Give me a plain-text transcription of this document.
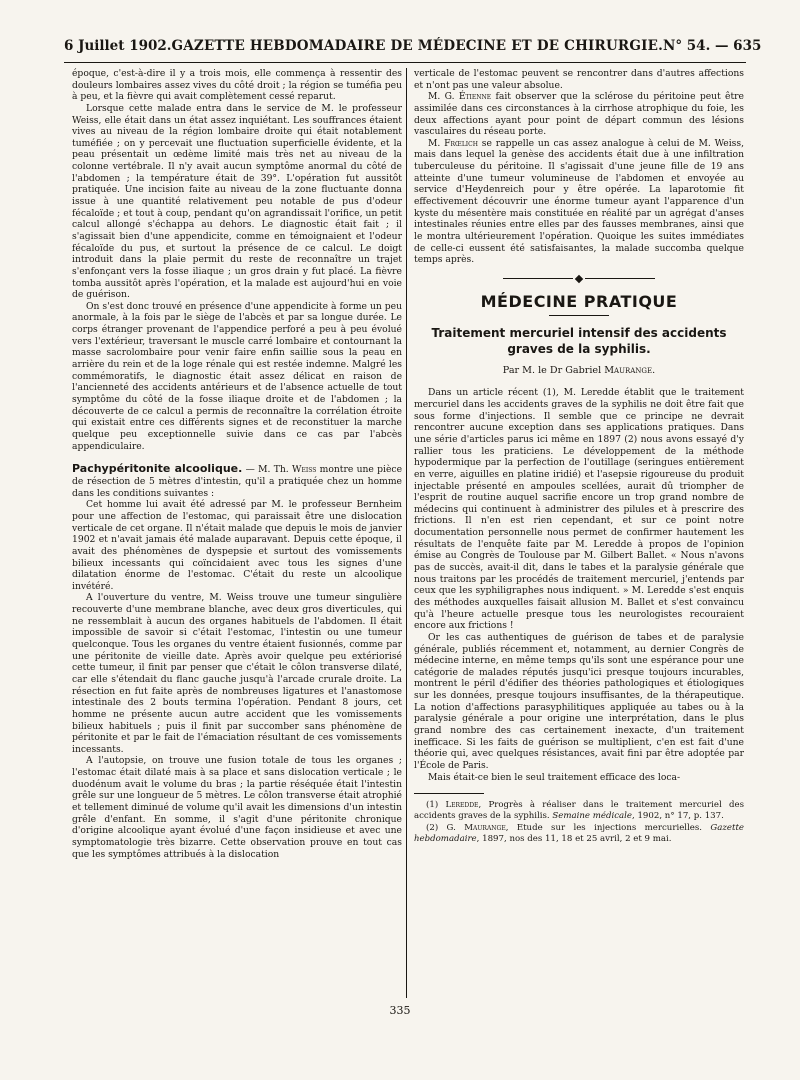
6 Juillet 1902. GAZETTE HEBDOMADAIRE DE MÉDECINE ET DE CHIRURGIE. N° 54. — 635

époque, c'est-à-dire il y a trois mois, elle commença à ressentir des douleurs lombaires assez vives du côté droit ; la région se tuméfia peu à peu, et la fièvre qui avait complètement cessé reparut.

Lorsque cette malade entra dans le service de M. le professeur Weiss, elle était dans un état assez inquiétant. Les souffrances étaient vives au niveau de la région lombaire droite qui était notablement tuméfiée ; on y percevait une fluctuation superficielle évidente, et la peau présentait un œdème limité mais très net au niveau de la colonne vertébrale. Il n'y avait aucun symptôme anormal du côté de l'abdomen ; la température était de 39°. L'opération fut aussitôt pratiquée. Une incision faite au niveau de la zone fluctuante donna issue à une quantité relativement peu notable de pus d'odeur fécaloïde ; et tout à coup, pendant qu'on agrandissait l'orifice, un petit calcul allongé s'échappa au dehors. Le diagnostic était fait ; il s'agissait bien d'une appendicite, comme en témoignaient et l'odeur fécaloïde du pus, et surtout la présence de ce calcul. Le doigt introduit dans la plaie permit du reste de reconnaître un trajet s'enfonçant vers la fosse iliaque ; un gros drain y fut placé. La fièvre tomba aussitôt après l'opération, et la malade est aujourd'hui en voie de guérison.

On s'est donc trouvé en présence d'une appendicite à forme un peu anormale, à la fois par le siège de l'abcès et par sa longue durée. Le corps étranger provenant de l'appendice perforé a peu à peu évolué vers l'extérieur, traversant le muscle carré lombaire et contournant la masse sacrolombaire pour venir faire enfin saillie sous la peau en arrière du rein et de la loge rénale qui est restée indemne. Malgré les commémoratifs, le diagnostic était assez délicat en raison de l'ancienneté des accidents antérieurs et de l'absence actuelle de tout symptôme du côté de la fosse iliaque droite et de l'abdomen ; la découverte de ce calcul a permis de reconnaître la corrélation étroite qui existait entre ces différents signes et de reconstituer la marche quelque peu exceptionnelle suivie dans ce cas par l'abcès appendiculaire.

Pachypéritonite alcoolique. — M. Th. Weiss montre une pièce de résection de 5 mètres d'intestin, qu'il a pratiquée chez un homme dans les conditions suivantes :

Cet homme lui avait été adressé par M. le professeur Bernheim pour une affection de l'estomac, qui paraissait être une dislocation verticale de cet organe. Il n'était malade que depuis le mois de janvier 1902 et n'avait jamais été malade auparavant. Depuis cette époque, il avait des phénomènes de dyspepsie et surtout des vomissements bilieux incessants qui coïncidaient avec tous les signes d'une dilatation énorme de l'estomac. C'était du reste un alcoolique invétéré.

A l'ouverture du ventre, M. Weiss trouve une tumeur singulière recouverte d'une membrane blanche, avec deux gros diverticules, qui ne ressemblait à aucun des organes habituels de l'abdomen. Il était impossible de savoir si c'était l'estomac, l'intestin ou une tumeur quelconque. Tous les organes du ventre étaient fusionnés, comme par une péritonite de vieille date. Après avoir quelque peu extériorisé cette tumeur, il finit par penser que c'était le côlon transverse dilaté, car elle s'étendait du flanc gauche jusqu'à l'arcade crurale droite. La résection en fut faite après de nombreuses ligatures et l'anastomose intestinale des 2 bouts termina l'opération. Pendant 8 jours, cet homme ne présente aucun autre accident que les vomissements bilieux habituels ; puis il finit par succomber sans phénomène de péritonite et par le fait de l'émaciation résultant de ces vomissements incessants.

A l'autopsie, on trouve une fusion totale de tous les organes ; l'estomac était dilaté mais à sa place et sans dislocation verticale ; le duodénum avait le volume du bras ; la partie réséquée était l'intestin grêle sur une longueur de 5 mètres. Le côlon transverse était atrophié et tellement diminué de volume qu'il avait les dimensions d'un intestin grêle d'enfant. En somme, il s'agit d'une péritonite chronique d'origine alcoolique ayant évolué d'une façon insidieuse et avec une symptomatologie très bizarre. Cette observation prouve en tout cas que les symptômes attribués à la dislocation

verticale de l'estomac peuvent se rencontrer dans d'autres affections et n'ont pas une valeur absolue.

M. G. Étienne fait observer que la sclérose du péritoine peut être assimilée dans ces circonstances à la cirrhose atrophique du foie, les deux affections ayant pour point de départ commun des lésions vasculaires du réseau porte.

M. Frœlich se rappelle un cas assez analogue à celui de M. Weiss, mais dans lequel la genèse des accidents était due à une infiltration tuberculeuse du péritoine. Il s'agissait d'une jeune fille de 19 ans atteinte d'une tumeur volumineuse de l'abdomen et envoyée au service d'Heydenreich pour y être opérée. La laparotomie fit effectivement découvrir une énorme tumeur ayant l'apparence d'un kyste du mésentère mais constituée en réalité par un agrégat d'anses intestinales réunies entre elles par des fausses membranes, ainsi que le montra ultérieurement l'opération. Quoique les suites immédiates de celle-ci eussent été satisfaisantes, la malade succomba quelque temps après.

MÉDECINE PRATIQUE
Traitement mercuriel intensif des accidents graves de la syphilis.
Par M. le Dr Gabriel Maurange.

Dans un article récent (1), M. Leredde établit que le traitement mercuriel dans les accidents graves de la syphilis ne doit être fait que sous forme d'injections. Il semble que ce principe ne devrait rencontrer aucune exception dans ses applications pratiques. Dans une série d'articles parus ici même en 1897 (2) nous avons essayé d'y rallier tous les praticiens. Le développement de la méthode hypodermique par la perfection de l'outillage (seringues entièrement en verre, aiguilles en platine iridié) et l'asepsie rigoureuse du produit injectable présenté en ampoules scellées, aurait dû triompher de l'esprit de routine auquel sacrifie encore un trop grand nombre de médecins qui continuent à administrer des pilules et à prescrire des frictions. Il n'en est rien cependant, et sur ce point notre documentation personnelle nous permet de confirmer hautement les résultats de l'enquête faite par M. Leredde à propos de l'opinion émise au Congrès de Toulouse par M. Gilbert Ballet. « Nous n'avons pas de succès, avait-il dit, dans le tabes et la paralysie générale que nous traitons par les procédés de traitement mercuriel, j'entends par ceux que les syphiligraphes nous indiquent. » M. Leredde s'est enquis des méthodes auxquelles faisait allusion M. Ballet et s'est convaincu qu'à l'heure actuelle presque tous les neurologistes recouraient encore aux frictions !

Or les cas authentiques de guérison de tabes et de paralysie générale, publiés récemment et, notamment, au dernier Congrès de médecine interne, en même temps qu'ils sont une espérance pour une catégorie de malades réputés jusqu'ici presque toujours incurables, montrent le péril d'édifier des théories pathologiques et étiologiques sur les données, presque toujours insuffisantes, de la thérapeutique. La notion d'affections parasyphilitiques appliquée au tabes ou à la paralysie générale a pour origine une interprétation, dans le plus grand nombre des cas certainement inexacte, d'un traitement inefficace. Si les faits de guérison se multiplient, c'en est fait d'une théorie qui, avec quelques résistances, avait fini par être adoptée par l'École de Paris.

Mais était-ce bien le seul traitement efficace des loca-

(1) Leredde, Progrès à réaliser dans le traitement mercuriel des accidents graves de la syphilis. Semaine médicale, 1902, n° 17, p. 137.

(2) G. Maurange, Etude sur les injections mercurielles. Gazette hebdomadaire, 1897, nos des 11, 18 et 25 avril, 2 et 9 mai.

335
